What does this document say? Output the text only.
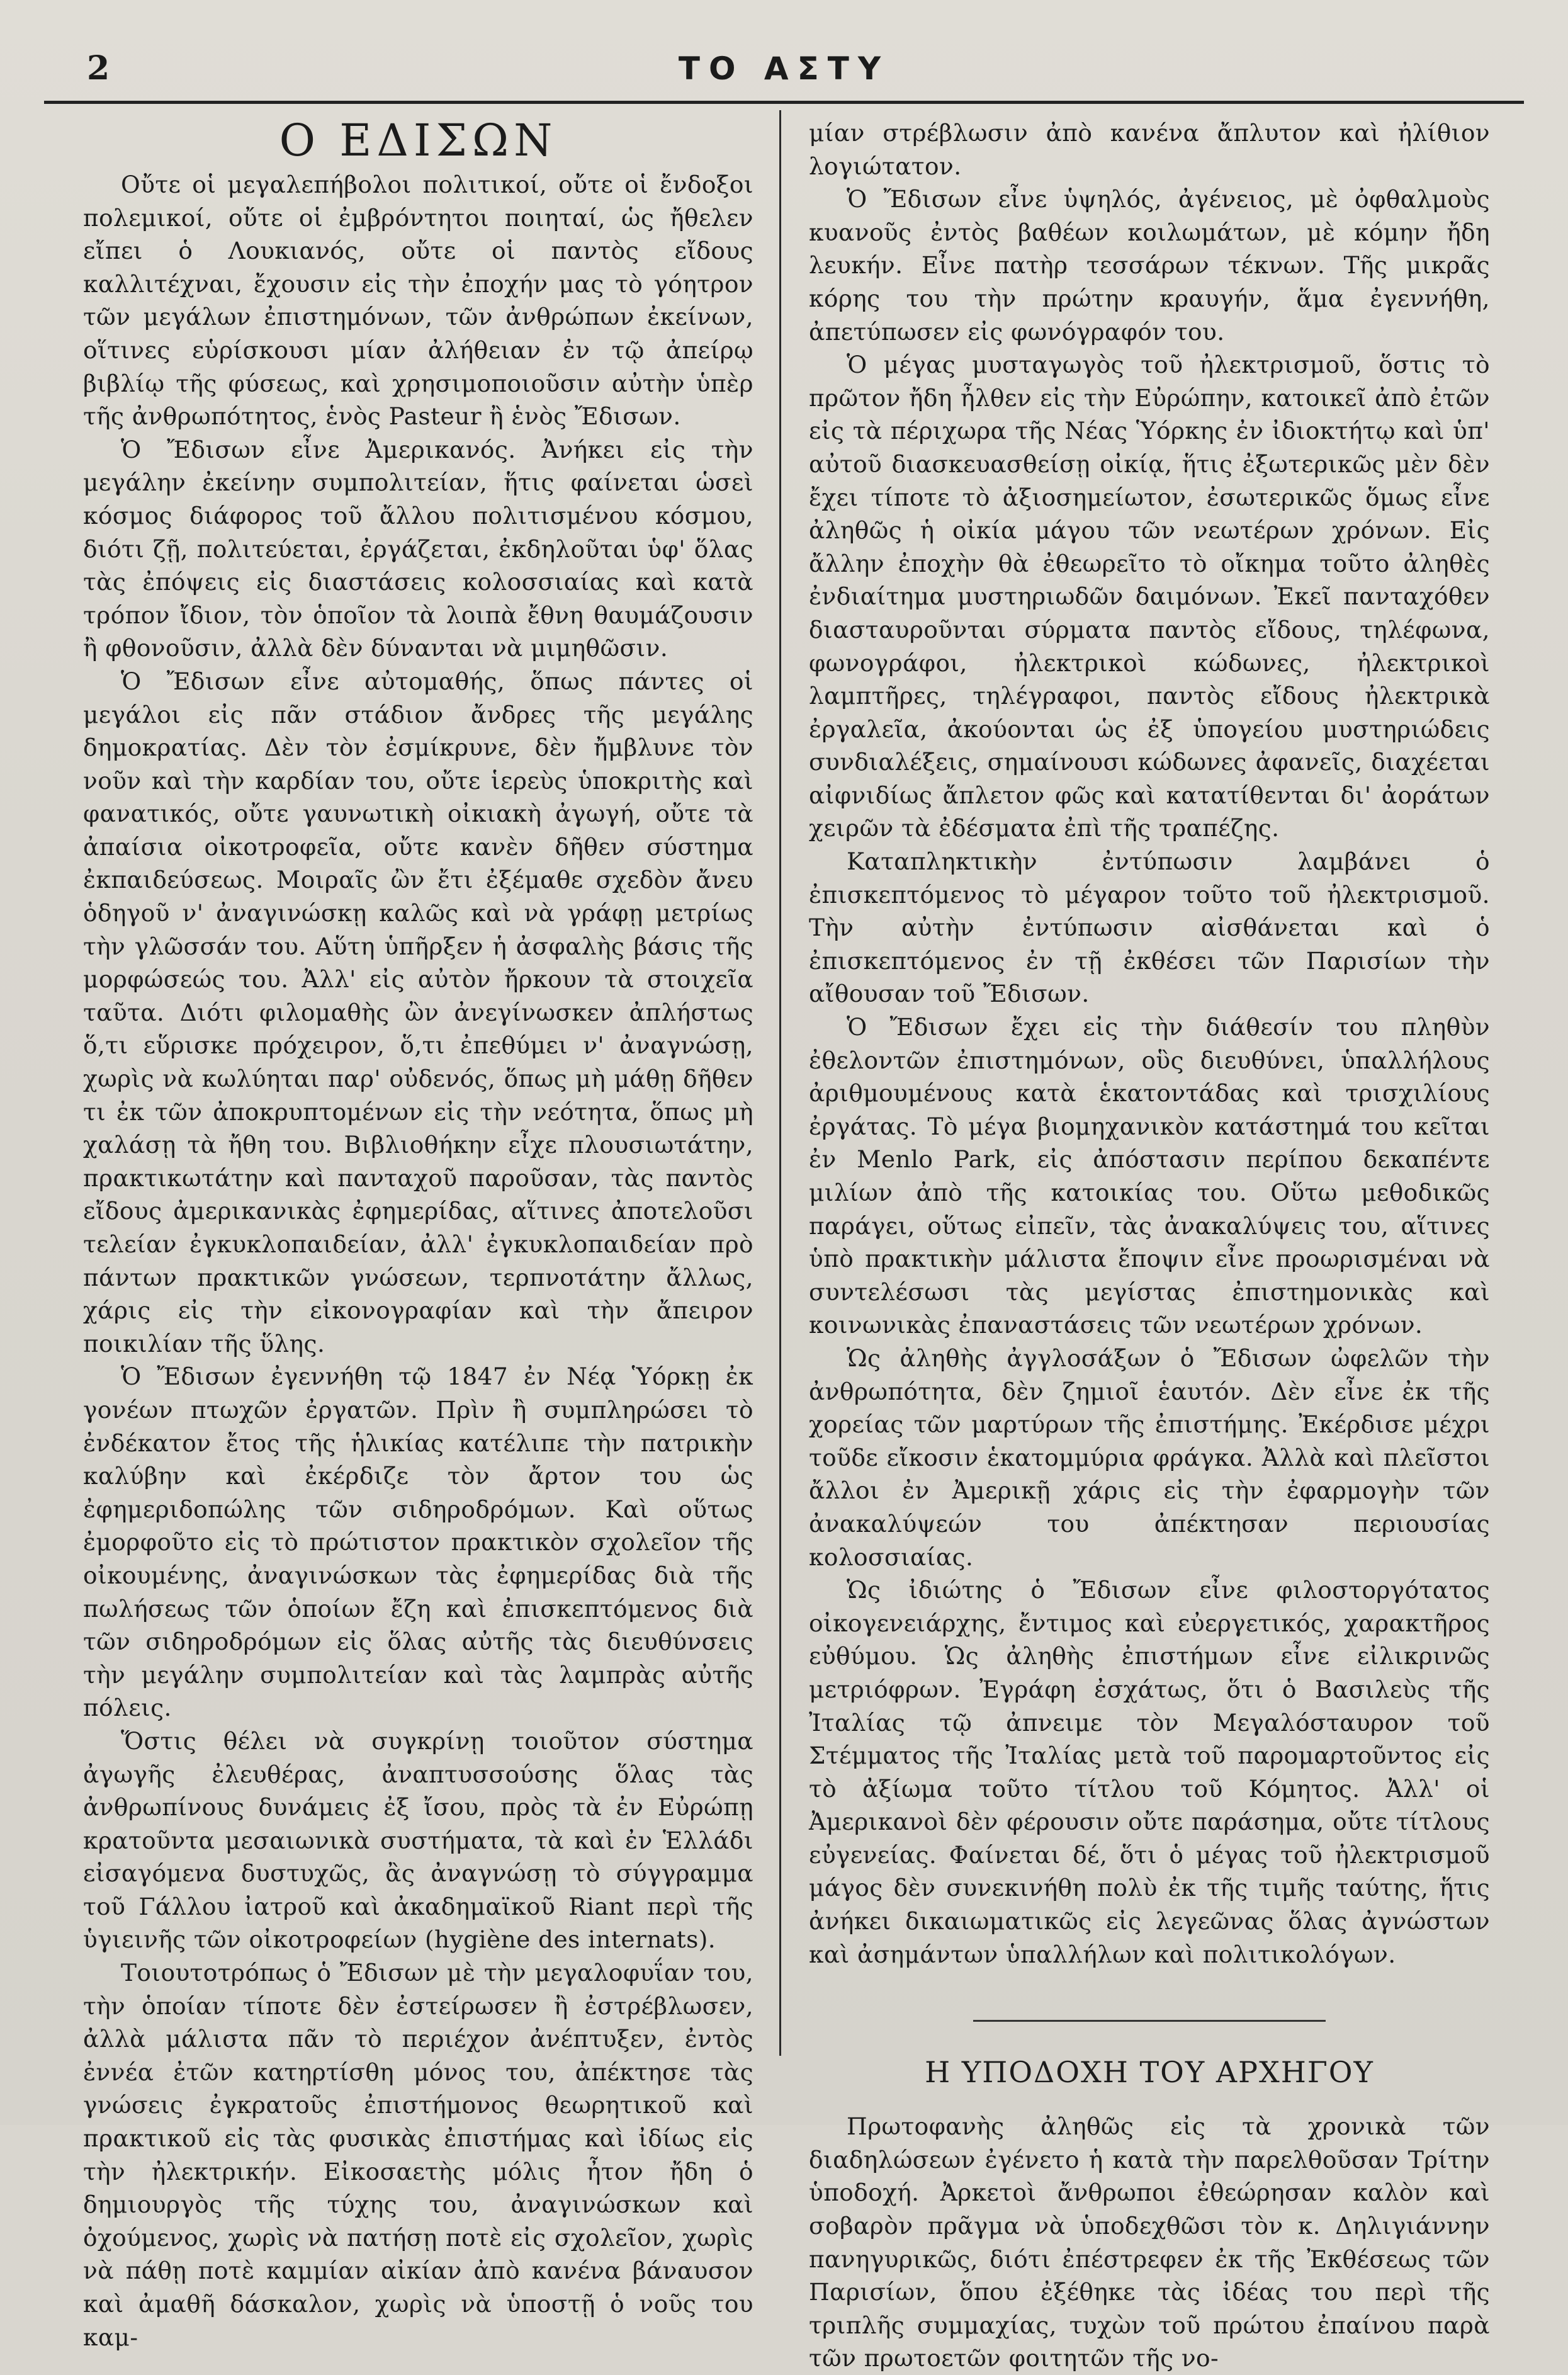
2	ΤΟ ΑΣΤΥ
Ο ΕΔΙΣΩΝ

Οὔτε οἱ μεγαλεπήβολοι πολιτικοί, οὔτε οἱ ἔνδοξοι πολεμικοί, οὔτε οἱ ἐμβρόντητοι ποιηταί, ὡς ἤθελεν εἴπει ὁ Λουκιανός, οὔτε οἱ παντὸς εἴδους καλλιτέχναι, ἔχουσιν εἰς τὴν ἐποχήν μας τὸ γόητρον τῶν μεγάλων ἐπιστημόνων, τῶν ἀνθρώπων ἐκείνων, οἵτινες εὑρίσκουσι μίαν ἀλήθειαν ἐν τῷ ἀπείρῳ βιβλίῳ τῆς φύσεως, καὶ χρησιμοποιοῦσιν αὐτὴν ὑπὲρ τῆς ἀνθρωπότητος, ἑνὸς Pasteur ἢ ἑνὸς Ἔδισων.

Ὁ Ἔδισων εἶνε Ἀμερικανός. Ἀνήκει εἰς τὴν μεγάλην ἐκείνην συμπολιτείαν, ἥτις φαίνεται ὡσεὶ κόσμος διάφορος τοῦ ἄλλου πολιτισμένου κόσμου, διότι ζῇ, πολιτεύεται, ἐργάζεται, ἐκδηλοῦται ὑφ' ὅλας τὰς ἐπόψεις εἰς διαστάσεις κολοσσιαίας καὶ κατὰ τρόπον ἴδιον, τὸν ὁποῖον τὰ λοιπὰ ἔθνη θαυμάζουσιν ἢ φθονοῦσιν, ἀλλὰ δὲν δύνανται νὰ μιμηθῶσιν.

Ὁ Ἔδισων εἶνε αὐτομαθής, ὅπως πάντες οἱ μεγάλοι εἰς πᾶν στάδιον ἄνδρες τῆς μεγάλης δημοκρατίας. Δὲν τὸν ἐσμίκρυνε, δὲν ἤμβλυνε τὸν νοῦν καὶ τὴν καρδίαν του, οὔτε ἱερεὺς ὑποκριτὴς καὶ φανατικός, οὔτε γαυνωτικὴ οἰκιακὴ ἀγωγή, οὔτε τὰ ἀπαίσια οἰκοτροφεῖα, οὔτε κανὲν δῆθεν σύστημα ἐκπαιδεύσεως. Μοιραῖς ὢν ἔτι ἐξέμαθε σχεδὸν ἄνευ ὁδηγοῦ ν' ἀναγινώσκῃ καλῶς καὶ νὰ γράφῃ μετρίως τὴν γλῶσσάν του. Αὕτη ὑπῆρξεν ἡ ἀσφαλὴς βάσις τῆς μορφώσεώς του. Ἀλλ' εἰς αὐτὸν ἤρκουν τὰ στοιχεῖα ταῦτα. Διότι φιλομαθὴς ὢν ἀνεγίνωσκεν ἀπλήστως ὅ,τι εὕρισκε πρόχειρον, ὅ,τι ἐπεθύμει ν' ἀναγνώσῃ, χωρὶς νὰ κωλύηται παρ' οὐδενός, ὅπως μὴ μάθῃ δῆθεν τι ἐκ τῶν ἀποκρυπτομένων εἰς τὴν νεότητα, ὅπως μὴ χαλάσῃ τὰ ἤθη του. Βιβλιοθήκην εἶχε πλουσιωτάτην, πρακτικωτάτην καὶ πανταχοῦ παροῦσαν, τὰς παντὸς εἴδους ἀμερικανικὰς ἐφημερίδας, αἵτινες ἀποτελοῦσι τελείαν ἐγκυκλοπαιδείαν, ἀλλ' ἐγκυκλοπαιδείαν πρὸ πάντων πρακτικῶν γνώσεων, τερπνοτάτην ἄλλως, χάρις εἰς τὴν εἰκονογραφίαν καὶ τὴν ἄπειρον ποικιλίαν τῆς ὕλης.

Ὁ Ἔδισων ἐγεννήθη τῷ 1847 ἐν Νέᾳ Ὑόρκῃ ἐκ γονέων πτωχῶν ἐργατῶν. Πρὶν ἢ συμπληρώσει τὸ ἐνδέκατον ἔτος τῆς ἡλικίας κατέλιπε τὴν πατρικὴν καλύβην καὶ ἐκέρδιζε τὸν ἄρτον του ὡς ἐφημεριδοπώλης τῶν σιδηροδρόμων. Καὶ οὕτως ἐμορφοῦτο εἰς τὸ πρώτιστον πρακτικὸν σχολεῖον τῆς οἰκουμένης, ἀναγινώσκων τὰς ἐφημερίδας διὰ τῆς πωλήσεως τῶν ὁποίων ἔζη καὶ ἐπισκεπτόμενος διὰ τῶν σιδηροδρόμων εἰς ὅλας αὐτῆς τὰς διευθύνσεις τὴν μεγάλην συμπολιτείαν καὶ τὰς λαμπρὰς αὐτῆς πόλεις.

Ὅστις θέλει νὰ συγκρίνῃ τοιοῦτον σύστημα ἀγωγῆς ἐλευθέρας, ἀναπτυσσούσης ὅλας τὰς ἀνθρωπίνους δυνάμεις ἐξ ἴσου, πρὸς τὰ ἐν Εὐρώπῃ κρατοῦντα μεσαιωνικὰ συστήματα, τὰ καὶ ἐν Ἑλλάδι εἰσαγόμενα δυστυχῶς, ἂς ἀναγνώσῃ τὸ σύγγραμμα τοῦ Γάλλου ἰατροῦ καὶ ἀκαδημαϊκοῦ Riant περὶ τῆς ὑγιεινῆς τῶν οἰκοτροφείων (hygiène des internats).

Τοιουτοτρόπως ὁ Ἔδισων μὲ τὴν μεγαλοφυΐαν του, τὴν ὁποίαν τίποτε δὲν ἐστείρωσεν ἢ ἐστρέβλωσεν, ἀλλὰ μάλιστα πᾶν τὸ περιέχον ἀνέπτυξεν, ἐντὸς ἐννέα ἐτῶν κατηρτίσθη μόνος του, ἀπέκτησε τὰς γνώσεις ἐγκρατοῦς ἐπιστήμονος θεωρητικοῦ καὶ πρακτικοῦ εἰς τὰς φυσικὰς ἐπιστήμας καὶ ἰδίως εἰς τὴν ἠλεκτρικήν. Εἰκοσαετὴς μόλις ἦτον ἤδη ὁ δημιουργὸς τῆς τύχης του, ἀναγινώσκων καὶ ὀχούμενος, χωρὶς νὰ πατήσῃ ποτὲ εἰς σχολεῖον, χωρὶς νὰ πάθῃ ποτὲ καμμίαν αἰκίαν ἀπὸ κανένα βάναυσον καὶ ἀμαθῆ δάσκαλον, χωρὶς νὰ ὑποστῇ ὁ νοῦς του καμ-

μίαν στρέβλωσιν ἀπὸ κανένα ἄπλυτον καὶ ἠλίθιον λογιώτατον.

Ὁ Ἔδισων εἶνε ὑψηλός, ἀγένειος, μὲ ὀφθαλμοὺς κυανοῦς ἐντὸς βαθέων κοιλωμάτων, μὲ κόμην ἤδη λευκήν. Εἶνε πατὴρ τεσσάρων τέκνων. Τῆς μικρᾶς κόρης του τὴν πρώτην κραυγήν, ἅμα ἐγεννήθη, ἀπετύπωσεν εἰς φωνόγραφόν του.

Ὁ μέγας μυσταγωγὸς τοῦ ἠλεκτρισμοῦ, ὅστις τὸ πρῶτον ἤδη ἦλθεν εἰς τὴν Εὐρώπην, κατοικεῖ ἀπὸ ἐτῶν εἰς τὰ πέριχωρα τῆς Νέας Ὑόρκης ἐν ἰδιοκτήτῳ καὶ ὑπ' αὐτοῦ διασκευασθείσῃ οἰκίᾳ, ἥτις ἐξωτερικῶς μὲν δὲν ἔχει τίποτε τὸ ἀξιοσημείωτον, ἐσωτερικῶς ὅμως εἶνε ἀληθῶς ἡ οἰκία μάγου τῶν νεωτέρων χρόνων. Εἰς ἄλλην ἐποχὴν θὰ ἐθεωρεῖτο τὸ οἴκημα τοῦτο ἀληθὲς ἐνδιαίτημα μυστηριωδῶν δαιμόνων. Ἐκεῖ πανταχόθεν διασταυροῦνται σύρματα παντὸς εἴδους, τηλέφωνα, φωνογράφοι, ἠλεκτρικοὶ κώδωνες, ἠλεκτρικοὶ λαμπτῆρες, τηλέγραφοι, παντὸς εἴδους ἠλεκτρικὰ ἐργαλεῖα, ἀκούονται ὡς ἐξ ὑπογείου μυστηριώδεις συνδιαλέξεις, σημαίνουσι κώδωνες ἀφανεῖς, διαχέεται αἰφνιδίως ἄπλετον φῶς καὶ κατατίθενται δι' ἀοράτων χειρῶν τὰ ἐδέσματα ἐπὶ τῆς τραπέζης.

Καταπληκτικὴν ἐντύπωσιν λαμβάνει ὁ ἐπισκεπτόμενος τὸ μέγαρον τοῦτο τοῦ ἠλεκτρισμοῦ. Τὴν αὐτὴν ἐντύπωσιν αἰσθάνεται καὶ ὁ ἐπισκεπτόμενος ἐν τῇ ἐκθέσει τῶν Παρισίων τὴν αἴθουσαν τοῦ Ἔδισων.

Ὁ Ἔδισων ἔχει εἰς τὴν διάθεσίν του πληθὺν ἐθελοντῶν ἐπιστημόνων, οὓς διευθύνει, ὑπαλλήλους ἀριθμουμένους κατὰ ἑκατοντάδας καὶ τρισχιλίους ἐργάτας. Τὸ μέγα βιομηχανικὸν κατάστημά του κεῖται ἐν Menlo Park, εἰς ἀπόστασιν περίπου δεκαπέντε μιλίων ἀπὸ τῆς κατοικίας του. Οὕτω μεθοδικῶς παράγει, οὕτως εἰπεῖν, τὰς ἀνακαλύψεις του, αἵτινες ὑπὸ πρακτικὴν μάλιστα ἔποψιν εἶνε προωρισμέναι νὰ συντελέσωσι τὰς μεγίστας ἐπιστημονικὰς καὶ κοινωνικὰς ἐπαναστάσεις τῶν νεωτέρων χρόνων.

Ὡς ἀληθὴς ἀγγλοσάξων ὁ Ἔδισων ὠφελῶν τὴν ἀνθρωπότητα, δὲν ζημιοῖ ἑαυτόν. Δὲν εἶνε ἐκ τῆς χορείας τῶν μαρτύρων τῆς ἐπιστήμης. Ἐκέρδισε μέχρι τοῦδε εἴκοσιν ἑκατομμύρια φράγκα. Ἀλλὰ καὶ πλεῖστοι ἄλλοι ἐν Ἀμερικῇ χάρις εἰς τὴν ἐφαρμογὴν τῶν ἀνακαλύψεών του ἀπέκτησαν περιουσίας κολοσσιαίας.

Ὡς ἰδιώτης ὁ Ἔδισων εἶνε φιλοστοργότατος οἰκογενειάρχης, ἔντιμος καὶ εὐεργετικός, χαρακτῆρος εὐθύμου. Ὡς ἀληθὴς ἐπιστήμων εἶνε εἰλικρινῶς μετριόφρων. Ἐγράφη ἐσχάτως, ὅτι ὁ Βασιλεὺς τῆς Ἰταλίας τῷ ἀπνειμε τὸν Μεγαλόσταυρον τοῦ Στέμματος τῆς Ἰταλίας μετὰ τοῦ παρομαρτοῦντος εἰς τὸ ἀξίωμα τοῦτο τίτλου τοῦ Κόμητος. Ἀλλ' οἱ Ἀμερικανοὶ δὲν φέρουσιν οὔτε παράσημα, οὔτε τίτλους εὐγενείας. Φαίνεται δέ, ὅτι ὁ μέγας τοῦ ἠλεκτρισμοῦ μάγος δὲν συνεκινήθη πολὺ ἐκ τῆς τιμῆς ταύτης, ἥτις ἀνήκει δικαιωματικῶς εἰς λεγεῶνας ὅλας ἀγνώστων καὶ ἀσημάντων ὑπαλλήλων καὶ πολιτικολόγων.

Η ΥΠΟΔΟΧΗ ΤΟΥ ΑΡΧΗΓΟΥ

Πρωτοφανὴς ἀληθῶς εἰς τὰ χρονικὰ τῶν διαδηλώσεων ἐγένετο ἡ κατὰ τὴν παρελθοῦσαν Τρίτην ὑποδοχή. Ἀρκετοὶ ἄνθρωποι ἐθεώρησαν καλὸν καὶ σοβαρὸν πρᾶγμα νὰ ὑποδεχθῶσι τὸν κ. Δηλιγιάννην πανηγυρικῶς, διότι ἐπέστρεφεν ἐκ τῆς Ἐκθέσεως τῶν Παρισίων, ὅπου ἐξέθηκε τὰς ἰδέας του περὶ τῆς τριπλῆς συμμαχίας, τυχὼν τοῦ πρώτου ἐπαίνου παρὰ τῶν πρωτοετῶν φοιτητῶν τῆς νο-
